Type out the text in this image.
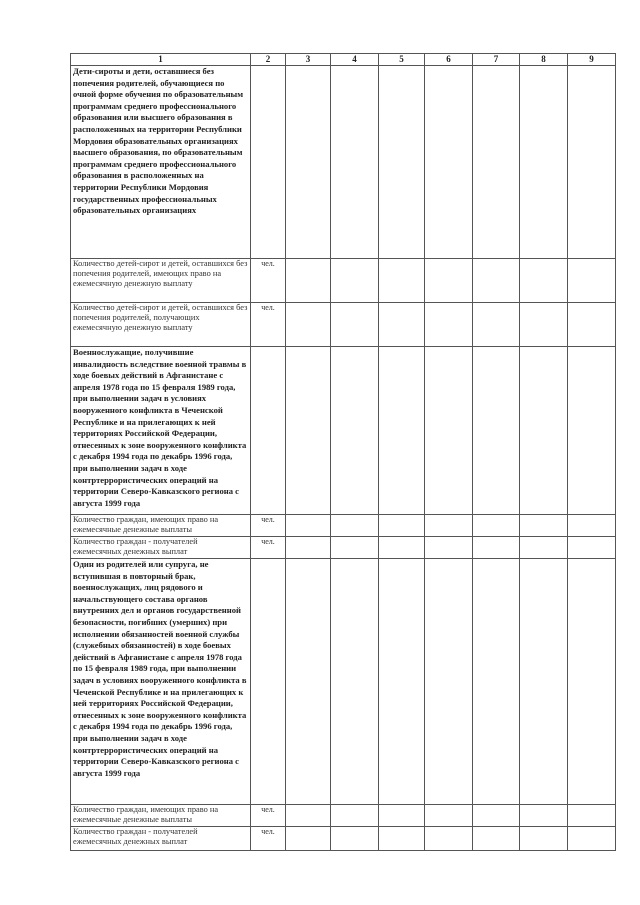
1	2	3	4	5	6	7	8	9
Дети-сироты и дети, оставшиеся без попечения родителей, обучающиеся по очной форме обучения по образовательным программам среднего профессионального образования или высшего образования в расположенных на территории Республики Мордовия образовательных организациях высшего образования, по образовательным программам среднего профессионального образования в расположенных на территории Республики Мордовия государственных профессиональных образовательных организациях								
Количество детей-сирот и детей, оставшихся без попечения родителей, имеющих право на ежемесячную денежную выплату	чел.							
Количество детей-сирот и детей, оставшихся без попечения родителей, получающих ежемесячную денежную выплату	чел.							
Военнослужащие, получившие инвалидность вследствие военной травмы в ходе боевых действий в Афганистане с апреля 1978 года по 15 февраля 1989 года, при выполнении задач в условиях вооруженного конфликта в Чеченской Республике и на прилегающих к ней территориях Российской Федерации, отнесенных к зоне вооруженного конфликта с декабря 1994 года по декабрь 1996 года, при выполнении задач в ходе контртеррористических операций на территории Северо-Кавказского региона с августа 1999 года								
Количество граждан, имеющих право на ежемесячные денежные выплаты	чел.							
Количество граждан - получателей ежемесячных денежных выплат	чел.							
Один из родителей или супруга, не вступившая в повторный брак, военнослужащих, лиц рядового и начальствующего состава органов внутренних дел и органов государственной безопасности, погибших (умерших) при исполнении обязанностей военной службы (служебных обязанностей) в ходе боевых действий в Афганистане с апреля 1978 года по 15 февраля 1989 года, при выполнении задач в условиях вооруженного конфликта в Чеченской Республике и на прилегающих к ней территориях Российской Федерации, отнесенных к зоне вооруженного конфликта с декабря 1994 года по декабрь 1996 года, при выполнении задач в ходе контртеррористических операций на территории Северо-Кавказского региона с августа 1999 года								
Количество граждан, имеющих право на ежемесячные денежные выплаты	чел.							
Количество граждан - получателей ежемесячных денежных выплат	чел.							
